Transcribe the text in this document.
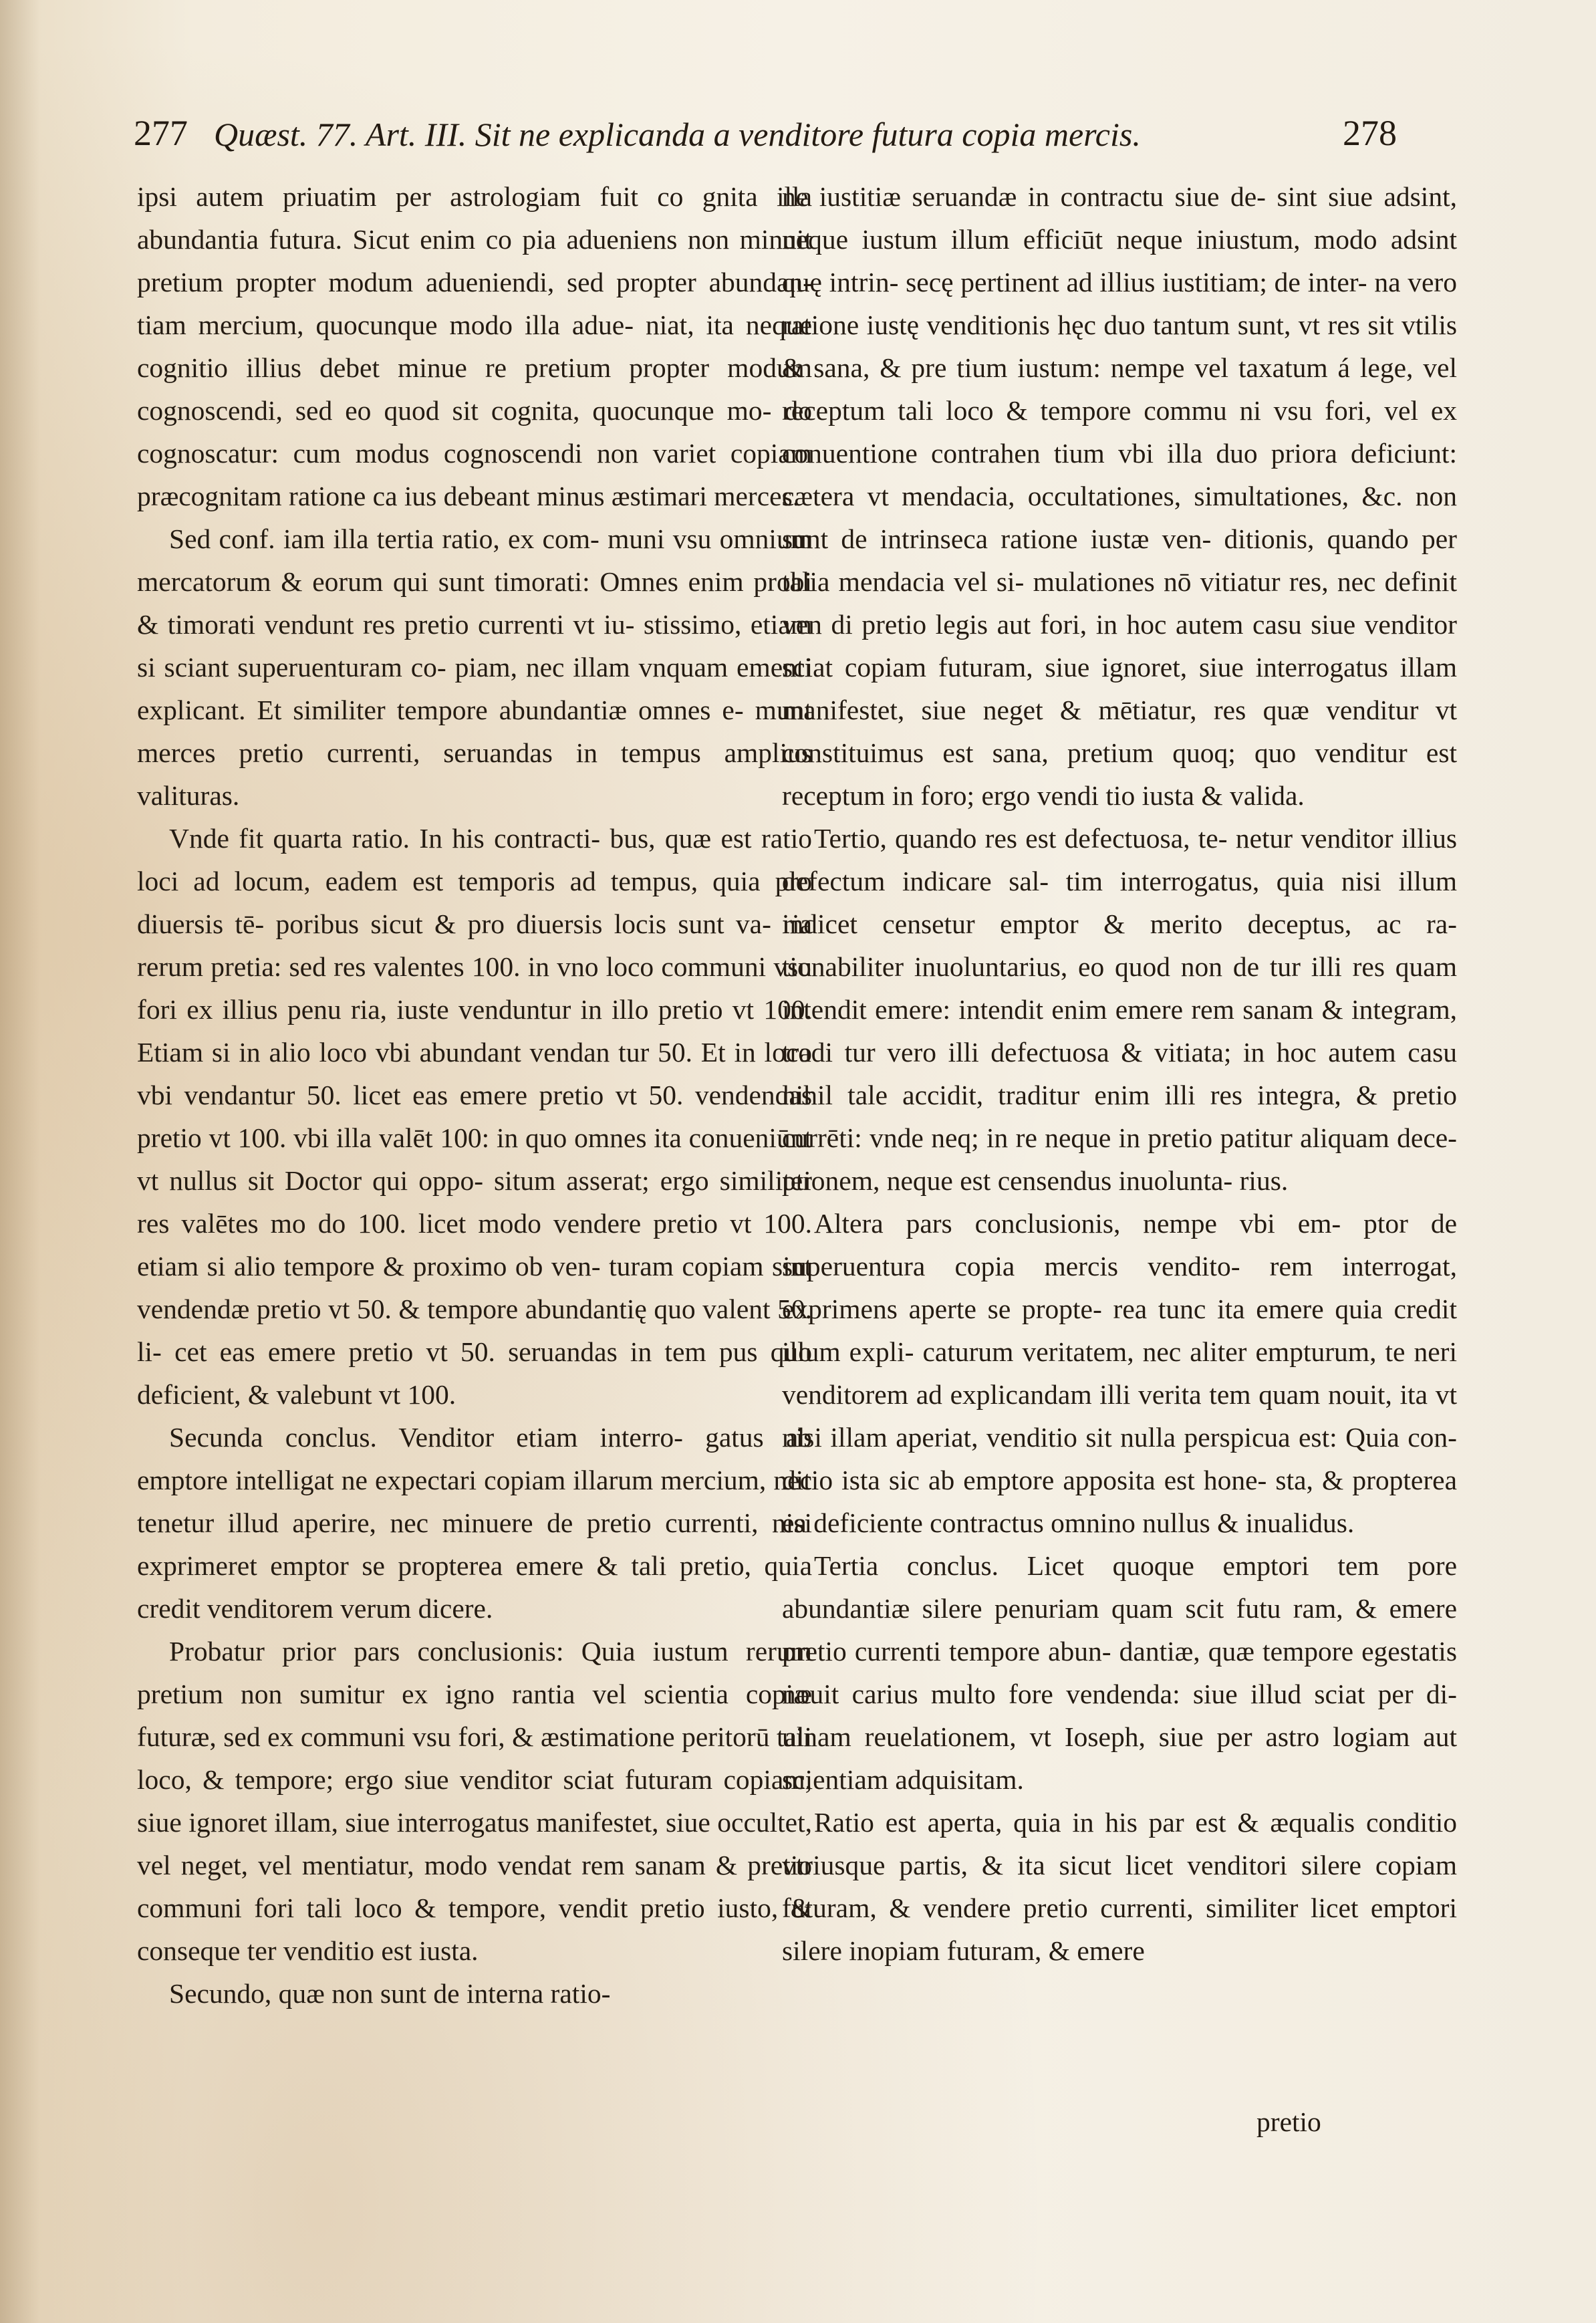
277 Quæst. 77. Art. III. Sit ne explicanda a venditore futura copia mercis.	278

ipsi autem priuatim per astrologiam fuit co gnita illa abundantia futura. Sicut enim co pia adueniens non minuit pretium propter modum adueniendi, sed propter abundan- tiam mercium, quocunque modo illa adue- niat, ita neque cognitio illius debet minue re pretium propter modum cognoscendi, sed eo quod sit cognita, quocunque mo- do cognoscatur: cum modus cognoscendi non variet copiam præcognitam ratione ca ius debeant minus æstimari merces.

Sed conf. iam illa tertia ratio, ex com- muni vsu omnium mercatorum & eorum qui sunt timorati: Omnes enim probi & timorati vendunt res pretio currenti vt iu- stissimo, etiam si sciant superuenturam co- piam, nec illam vnquam ementi explicant. Et similiter tempore abundantiæ omnes e- munt merces pretio currenti, seruandas in tempus amplius valituras.

Vnde fit quarta ratio. In his contracti- bus, quæ est ratio loci ad locum, eadem est temporis ad tempus, quia pro diuersis tē- poribus sicut & pro diuersis locis sunt va- ria rerum pretia: sed res valentes 100. in vno loco communi vsu fori ex illius penu ria, iuste venduntur in illo pretio vt 100. Etiam si in alio loco vbi abundant vendan tur 50. Et in loco vbi vendantur 50. licet eas emere pretio vt 50. vendendas pretio vt 100. vbi illa valēt 100: in quo omnes ita conueniūnt vt nullus sit Doctor qui oppo- situm asserat; ergo similiter res valētes mo do 100. licet modo vendere pretio vt 100. etiam si alio tempore & proximo ob ven- turam copiam sint vendendæ pretio vt 50. & tempore abundantię quo valent 50. li- cet eas emere pretio vt 50. seruandas in tem pus quo deficient, & valebunt vt 100.

Secunda conclus. Venditor etiam interro- gatus ab emptore intelligat ne expectari copiam illarum mercium, nec tenetur illud aperire, nec minuere de pretio currenti, nisi exprimeret emptor se propterea emere & tali pretio, quia credit venditorem verum dicere.

Probatur prior pars conclusionis: Quia iustum rerum pretium non sumitur ex igno rantia vel scientia copiæ futuræ, sed ex communi vsu fori, & æstimatione peritorū tali loco, & tempore; ergo siue venditor sciat futuram copiam, siue ignoret illam, siue interrogatus manifestet, siue occultet, vel neget, vel mentiatur, modo vendat rem sanam & pretio communi fori tali loco & tempore, vendit pretio iusto, & conseque ter venditio est iusta.

Secundo, quæ non sunt de interna ratio-

ne iustitiæ seruandæ in contractu siue de- sint siue adsint, neque iustum illum efficiūt neque iniustum, modo adsint quę intrin- secę pertinent ad illius iustitiam; de inter- na vero ratione iustę venditionis hęc duo tantum sunt, vt res sit vtilis & sana, & pre tium iustum: nempe vel taxatum á lege, vel receptum tali loco & tempore commu ni vsu fori, vel ex conuentione contrahen tium vbi illa duo priora deficiunt: cætera vt mendacia, occultationes, simultationes, &c. non sunt de intrinseca ratione iustæ ven- ditionis, quando per talia mendacia vel si- mulationes nō vitiatur res, nec definit ven di pretio legis aut fori, in hoc autem casu siue venditor sciat copiam futuram, siue ignoret, siue interrogatus illam manifestet, siue neget & mētiatur, res quæ venditur vt constituimus est sana, pretium quoq; quo venditur est receptum in foro; ergo vendi tio iusta & valida.

Tertio, quando res est defectuosa, te- netur venditor illius defectum indicare sal- tim interrogatus, quia nisi illum indicet censetur emptor & merito deceptus, ac ra- tionabiliter inuoluntarius, eo quod non de tur illi res quam intendit emere: intendit enim emere rem sanam & integram, tradi tur vero illi defectuosa & vitiata; in hoc autem casu nihil tale accidit, traditur enim illi res integra, & pretio currēti: vnde neq; in re neque in pretio patitur aliquam dece- ptionem, neque est censendus inuolunta- rius.

Altera pars conclusionis, nempe vbi em- ptor de superuentura copia mercis vendito- rem interrogat, exprimens aperte se propte- rea tunc ita emere quia credit illum expli- caturum veritatem, nec aliter empturum, te neri venditorem ad explicandam illi verita tem quam nouit, ita vt nisi illam aperiat, venditio sit nulla perspicua est: Quia con- ditio ista sic ab emptore apposita est hone- sta, & propterea ea deficiente contractus omnino nullus & inualidus.

Tertia conclus. Licet quoque emptori tem pore abundantiæ silere penuriam quam scit futu ram, & emere pretio currenti tempore abun- dantiæ, quæ tempore egestatis nouit carius multo fore vendenda: siue illud sciat per di- uinam reuelationem, vt Ioseph, siue per astro logiam aut scientiam adquisitam.

Ratio est aperta, quia in his par est & æqualis conditio vtriusque partis, & ita sicut licet venditori silere copiam futuram, & vendere pretio currenti, similiter licet emptori silere inopiam futuram, & emere

pretio
